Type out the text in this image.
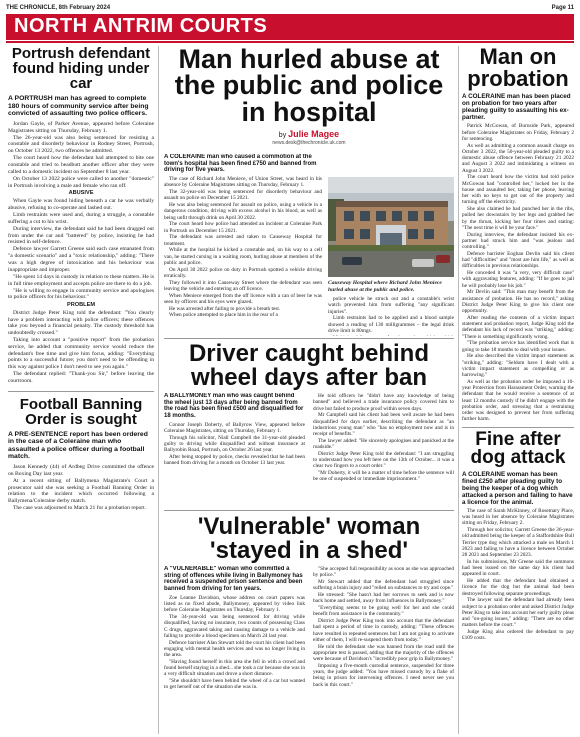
THE CHRONICLE, 8th February 2024	Page 11
NORTH ANTRIM COURTS
Portrush defendant found hiding under car
A PORTRUSH man has agreed to complete 180 hours of community service after being convicted of assaulting two police officers.

Jordan Gayle, of Parker Avenue, appeared before Coleraine Magistrates sitting on Thursday, February 1.

The 26-year-old was also being sentenced for resisting a constable and disorderly behaviour in Rodney Street, Portrush, on October 13 2022, two offences he admitted.

The court heard how the defendant had attempted to bite one constable and tried to headbutt another officer after they were called to a domestic incident on September 8 last year.

On October 13 2022 police were called to another "domestic" in Portrush involving a male and female who ran off.

ABUSIVE

When Gayle was found hiding beneath a car he was verbally abusive, refusing to co-operate and lashed out.

Limb restraints were used and, during a struggle, a constable suffering a cut to his wrist.

During interview, the defendant said he had been dragged out from under the car and "battered" by police, insisting he had resisted in self-defence.

Defence lawyer Garrett Greene said each case emanated from "a domestic scenario" and a "toxic relationship," adding: "There was a high degree of intoxication and his behaviour was inappropriate and improper.

"He spent 14 days in custody in relation to these matters. He is in full time employment and accepts police are there to do a job.

"He is willing to engage in community service and apologises to police officers for his behaviour."

PROBLEM

District Judge Peter King told the defendant: "You clearly have a problem interacting with police officers; these offences take you beyond a financial penalty. The custody threshold has undoubtedly crossed."

Taking into account a "positive report" from the probation service, he added that community service would reduce the defendant's free time and give him focus, adding: "Everything points to a successful future; you don't need to be offending in this way against police I don't need to see you again."

The defendant replied: "Thank-you Sir," before leaving the courtroom.

Football Banning Order is sought
A PRE-SENTENCE report has been ordered in the case of a Coleraine man who assaulted a police officer during a football match.

Jason Kennedy (44) of Ardbeg Drive committed the offence on Boxing Day last year.

At a recent sitting of Ballymena Magistrate's Court a prosecutor said she was seeking a Football Banning Order in relation to the incident which occurred following a Ballymena/Coleraine derby match.

The case was adjourned to March 21 for a probation report.

Man hurled abuse at the public and police in hospital
by Julie Magee
news.desk@thechronicle.uk.com
A COLERAINE man who caused a commotion at the town's hospital has been fined £750 and banned from driving for five years.

The case of Richard John Meniece, of Union Street, was heard in his absence by Coleraine Magistrates sitting on Thursday, February 1.

The 32-year-old was being sentenced for disorderly behaviour and assault on police on December 15 2021.

He was also being sentenced for assault on police, using a vehicle in a dangerous condition, driving with excess alcohol in his blood, as well as being unfit through drink on April 30 2022.

The court heard how police had attended an incident at Coleraine Park in Portrush on December 15 2021.

The defendant was arrested and taken to Causeway Hospital for treatment.

While at the hospital he kicked a constable and, on his way to a cell van, he started cursing in a waiting room, hurling abuse at members of the public and police.

On April 30 2022 police on duty in Portrush spotted a vehicle driving erratically.

They followed it into Causeway Street where the defendant was seen leaving the vehicle and entering an off licence.

When Meniece emerged from the off licence with a can of beer he was seen by officers and his eyes were glazed.

He was arrested after failing to provide a breath test.

When police attempted to place him in the rear of a

Causeway Hospital where Richard John Meniece hurled abuse at the public and police.

police vehicle he struck out and a constable's wrist watch prevented him from suffering "any significant injuries".

Limb restraints had to be applied and a blood sample showed a reading of 130 milligrammes – the legal drink drive limit is 80mgs.

Driver caught behind wheel days after ban
A BALLYMONEY man who was caught behind the wheel just 13 days after being banned from the road has been fined £500 and disqualified for 18 months.

Connor Joseph Doherty, of Ballyrow View, appeared before Coleraine Magistrates, sitting on Thursday, February 1.

Through his solicitor, Niall Campbell the 31-year-old pleaded guilty to driving while disqualified and without insurance at Ballyrobin Road, Portrush, on October 26 last year.

After being stopped by police, checks revealed that he had been banned from driving for a month on October 13 last year.

He told officers he "didn't have any knowledge of being banned" and believed a trade insurance policy covered him to drive but failed to produce proof within seven days.

Mr Campbell said his client had been well aware he had been disqualified for days earlier, describing the defendant as "an industrious young man" who "has no employment now and is in receipt of benefits."

The lawyer added: "He sincerely apologises and panicked at the roadside."

District Judge Peter King told the defendant: "I am struggling to understand how you left here on the 13th of October... it was a clear two fingers to a court order."

"Mr Doherty, it will be a matter of time before the sentence will be one of suspended or immediate imprisonment."

'Vulnerable' woman 'stayed in a shed'
A "VULNERABLE" woman who committed a string of offences while living in Ballymoney has received a suspended prison sentence and been banned from driving for ten years.

Zoe Leanne Davidson, whose address on court papers was listed as no fixed abode, Ballymoney, appeared by video link before Coleraine Magistrates on Thursday, February 1.

The 34-year-old was being sentenced for driving while disqualified, having no insurance, two counts of possessing Class C drugs, aggravated taking and causing damage to a vehicle and failing to provide a blood specimen on March 24 last year.

Defence barrister Alan Stewart told the court his client had been engaging with mental health services and was no longer living in the area.

"Having found herself in this area she fell in with a crowd and found herself staying in a shed... she took a car because she was in a very difficult situation and drove a short distance.

"She shouldn't have been behind the wheel of a car but wanted to get herself out of the situation she was in.

"She accepted full responsibility as soon as she was approached by police."

Mr Stewart added that the defendant had struggled since suffering a brain injury and "relied on substances to try and cope."

He stressed: "She hasn't had her sorrows to seek and is now back home and settled, away from influences in Ballymoney."

"Everything seems to be going well for her and she could benefit from assistance in the community."

District Judge Peter King took into account that the defendant had spent a period of time in custody, adding: "These offences have resulted in repeated sentences but I am not going to activate either of them, I will re-suspend them from today."

He told the defendant she was banned from the road until the appropriate test is passed, adding that the majority of the offences were because of Davidson's "incredibly poor grip in Ballymoney."

Imposing a five-month custodial sentence, suspended for three years, the judge added: "You have missed custody by a flake of being in prison for intervening offences. I need never see you back in this court."

Man on probation
A COLERAINE man has been placed on probation for two years after pleading guilty to assaulting his ex-partner.

Patrick McGowan, of Burnside Park, appeared before Coleraine Magistrates on Friday, February 2 for sentencing.

As well as admitting a common assault charge on October 3 2022, the 50-year-old pleaded guilty to a domestic abuse offence between February 21 2022 and August 3 2022 and intimidating a witness on August 3 2022.

The court heard how the victim had told police McGowan had "controlled her," locked her in the house and assaulted her, taking her phone, leaving her with no keys to get out of the property and turning off the electricity.

She also claimed he had punched her in the ribs, pulled her downstairs by her legs and grabbed her by the throat, kicking her four times and stating: "The next time it will be your face."

During interview, the defendant insisted his ex-partner had struck him and "was jealous and controlling."

Defence barrister Eoghan Devlin said his client had "difficulties" and "most are him life," as well as difficulties in previous relationships.

He conceded it was "a very, very difficult case" with aggravating features, adding: "If he goes to jail he will probably lose his job."

Mr Devlin said: "This man may benefit from the assistance of probation. He has no record," asking District Judge Peter King to give his client one opportunity.

After reading the contents of a victim impact statement and probation report, Judge King told the defendant his lack of record was "striking," adding: "There is something significantly wrong.

"The probation service has identified work that is going to take 18 months to deal with your issues.

He also described the victim impact statement as "striking," adding: "Seldom have I dealt with a victim impact statement as compelling or as harrowing."

As well as the probation order he imposed a 10-year Protection from Harassment Order, warning the defendant that he would receive a sentence of at least 12 months custody if he didn't engage with the probation order, and stressing that a restraining order was designed to prevent her from suffering further harm.

Fine after dog attack
A COLERAINE woman has been fined £250 after pleading guilty to being the keeper of a dog which attacked a person and failing to have a licence for the animal.

The case of Sarah McKinney, of Rosemary Place, was heard in her absence by Coleraine Magistrates sitting on Friday, February 2.

Through her solicitor, Garrett Greene the 36-year-old admitted being the keeper of a Staffordshire Bull Terrier type dog which attacked a male on March 1 2023 and failing to have a licence between October 28 2021 and September 23 2023.

In his submissions, Mr Greene said the summons had been issued on the same day his client had appeared in court.

He added that the defendant had obtained a licence for the dog but the animal had been destroyed following separate proceedings.

The lawyer said the defendant had already been subject to a probation order and asked District Judge Peter King to take into account her early guilty pleas and "on-going issues," adding: "There are no other matters before the court."

Judge King also ordered the defendant to pay £109 costs.
